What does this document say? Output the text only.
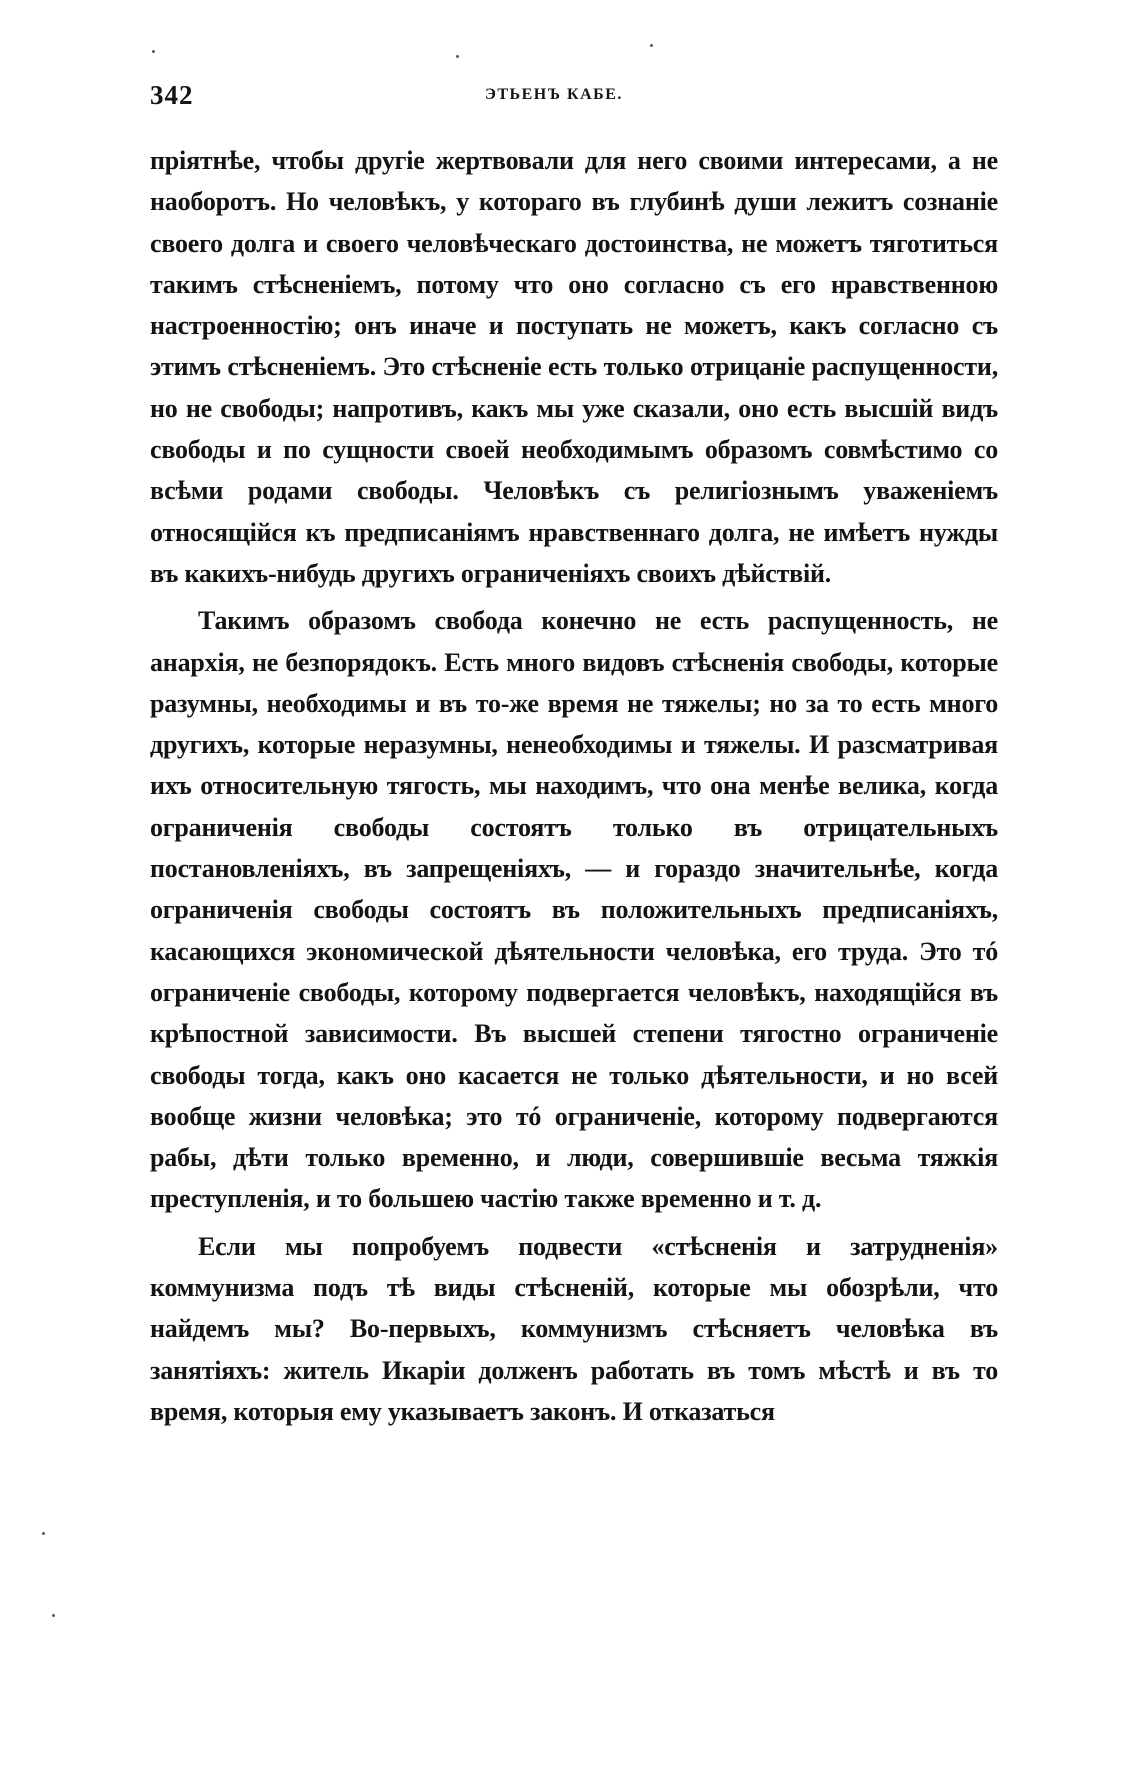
342	ЭТЬЕНЪ КАБЕ.

пріятнѣе, чтобы другіе жертвовали для него своими интересами, а не наоборотъ. Но человѣкъ, у котораго въ глубинѣ души лежитъ сознаніе своего долга и своего человѣческаго достоинства, не можетъ тяготиться такимъ стѣсненіемъ, потому что оно согласно съ его нравственною настроенностію; онъ иначе и поступать не можетъ, какъ согласно съ этимъ стѣсненіемъ. Это стѣсненіе есть только отрицаніе распущенности, но не свободы; напротивъ, какъ мы уже сказали, оно есть высшій видъ свободы и по сущности своей необходимымъ образомъ совмѣстимо со всѣми родами свободы. Человѣкъ съ религіознымъ уваженіемъ относящійся къ предписаніямъ нравственнаго долга, не имѣетъ нужды въ какихъ-нибудь другихъ ограниченіяхъ своихъ дѣйствій.

Такимъ образомъ свобода конечно не есть распущенность, не анархія, не безпорядокъ. Есть много видовъ стѣсненія свободы, которые разумны, необходимы и въ то-же время не тяжелы; но за то есть много другихъ, которые неразумны, ненеобходимы и тяжелы. И разсматривая ихъ относительную тягость, мы находимъ, что она менѣе велика, когда ограниченія свободы состоятъ только въ отрицательныхъ постановленіяхъ, въ запрещеніяхъ, — и гораздо значительнѣе, когда ограниченія свободы состоятъ въ положительныхъ предписаніяхъ, касающихся экономической дѣятельности человѣка, его труда. Это тó ограниченіе свободы, которому подвергается человѣкъ, находящійся въ крѣпостной зависимости. Въ высшей степени тягостно ограниченіе свободы тогда, какъ оно касается не только дѣятельности, и но всей вообще жизни человѣка; это тó ограниченіе, которому подвергаются рабы, дѣти только временно, и люди, совершившіе весьма тяжкія преступленія, и то большею частію также временно и т. д.

Если мы попробуемъ подвести «стѣсненія и затрудненія» коммунизма подъ тѣ виды стѣсненій, которые мы обозрѣли, что найдемъ мы? Во-первыхъ, коммунизмъ стѣсняетъ человѣка въ занятіяхъ: житель Икаріи долженъ работать въ томъ мѣстѣ и въ то время, которыя ему указываетъ законъ. И отказаться
